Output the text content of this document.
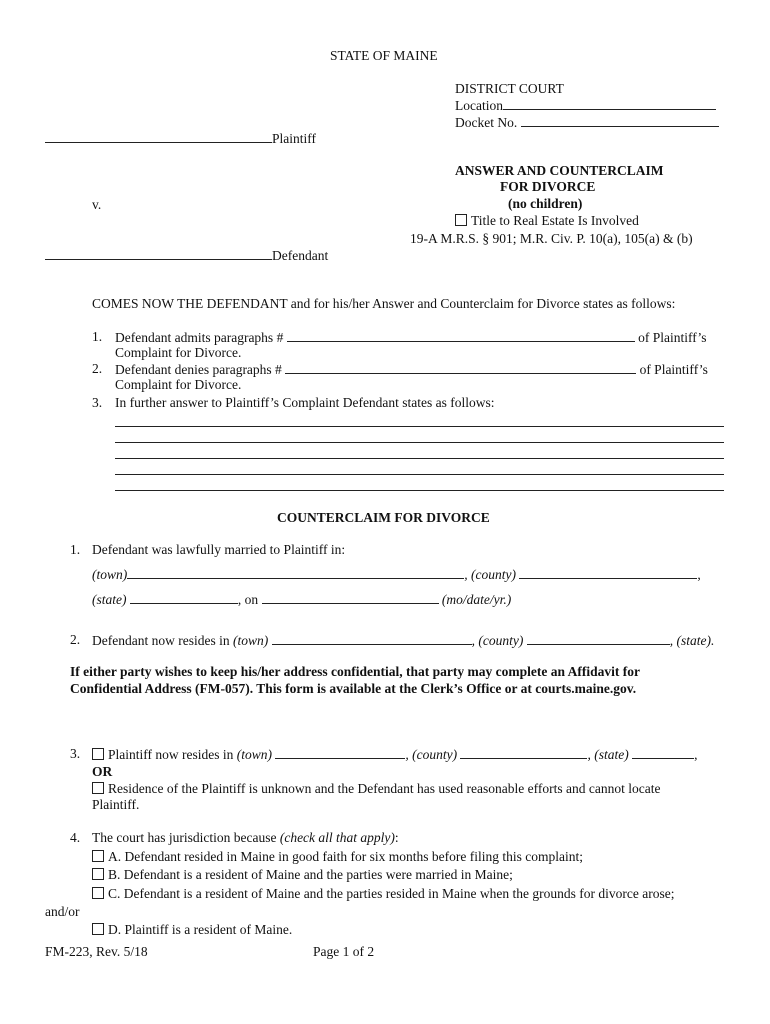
STATE OF MAINE
DISTRICT COURT
Location
Docket No.
Plaintiff
v.
Defendant
ANSWER AND COUNTERCLAIM
FOR DIVORCE
(no children)
Title to Real Estate Is Involved
19-A M.R.S. § 901; M.R. Civ. P. 10(a), 105(a) & (b)
COMES NOW THE DEFENDANT and for his/her Answer and Counterclaim for Divorce states as follows:
1. Defendant admits paragraphs #	of Plaintiff’s
Complaint for Divorce.
2. Defendant denies paragraphs #	of Plaintiff’s
Complaint for Divorce.
3. In further answer to Plaintiff’s Complaint Defendant states as follows:
COUNTERCLAIM FOR DIVORCE
1. Defendant was lawfully married to Plaintiff in:
(town)	, (county)	,
(state)	, on	(mo/date/yr.)
2. Defendant now resides in (town)	, (county)	, (state).
If either party wishes to keep his/her address confidential, that party may complete an Affidavit for
Confidential Address (FM-057). This form is available at the Clerk’s Office or at courts.maine.gov.
3.	Plaintiff now resides in (town)	, (county)	, (state)	,
OR
Residence of the Plaintiff is unknown and the Defendant has used reasonable efforts and cannot locate
Plaintiff.
4. The court has jurisdiction because (check all that apply):
A. Defendant resided in Maine in good faith for six months before filing this complaint;
B. Defendant is a resident of Maine and the parties were married in Maine;
C. Defendant is a resident of Maine and the parties resided in Maine when the grounds for divorce arose;
and/or
D. Plaintiff is a resident of Maine.
FM-223, Rev. 5/18	Page 1 of 2
